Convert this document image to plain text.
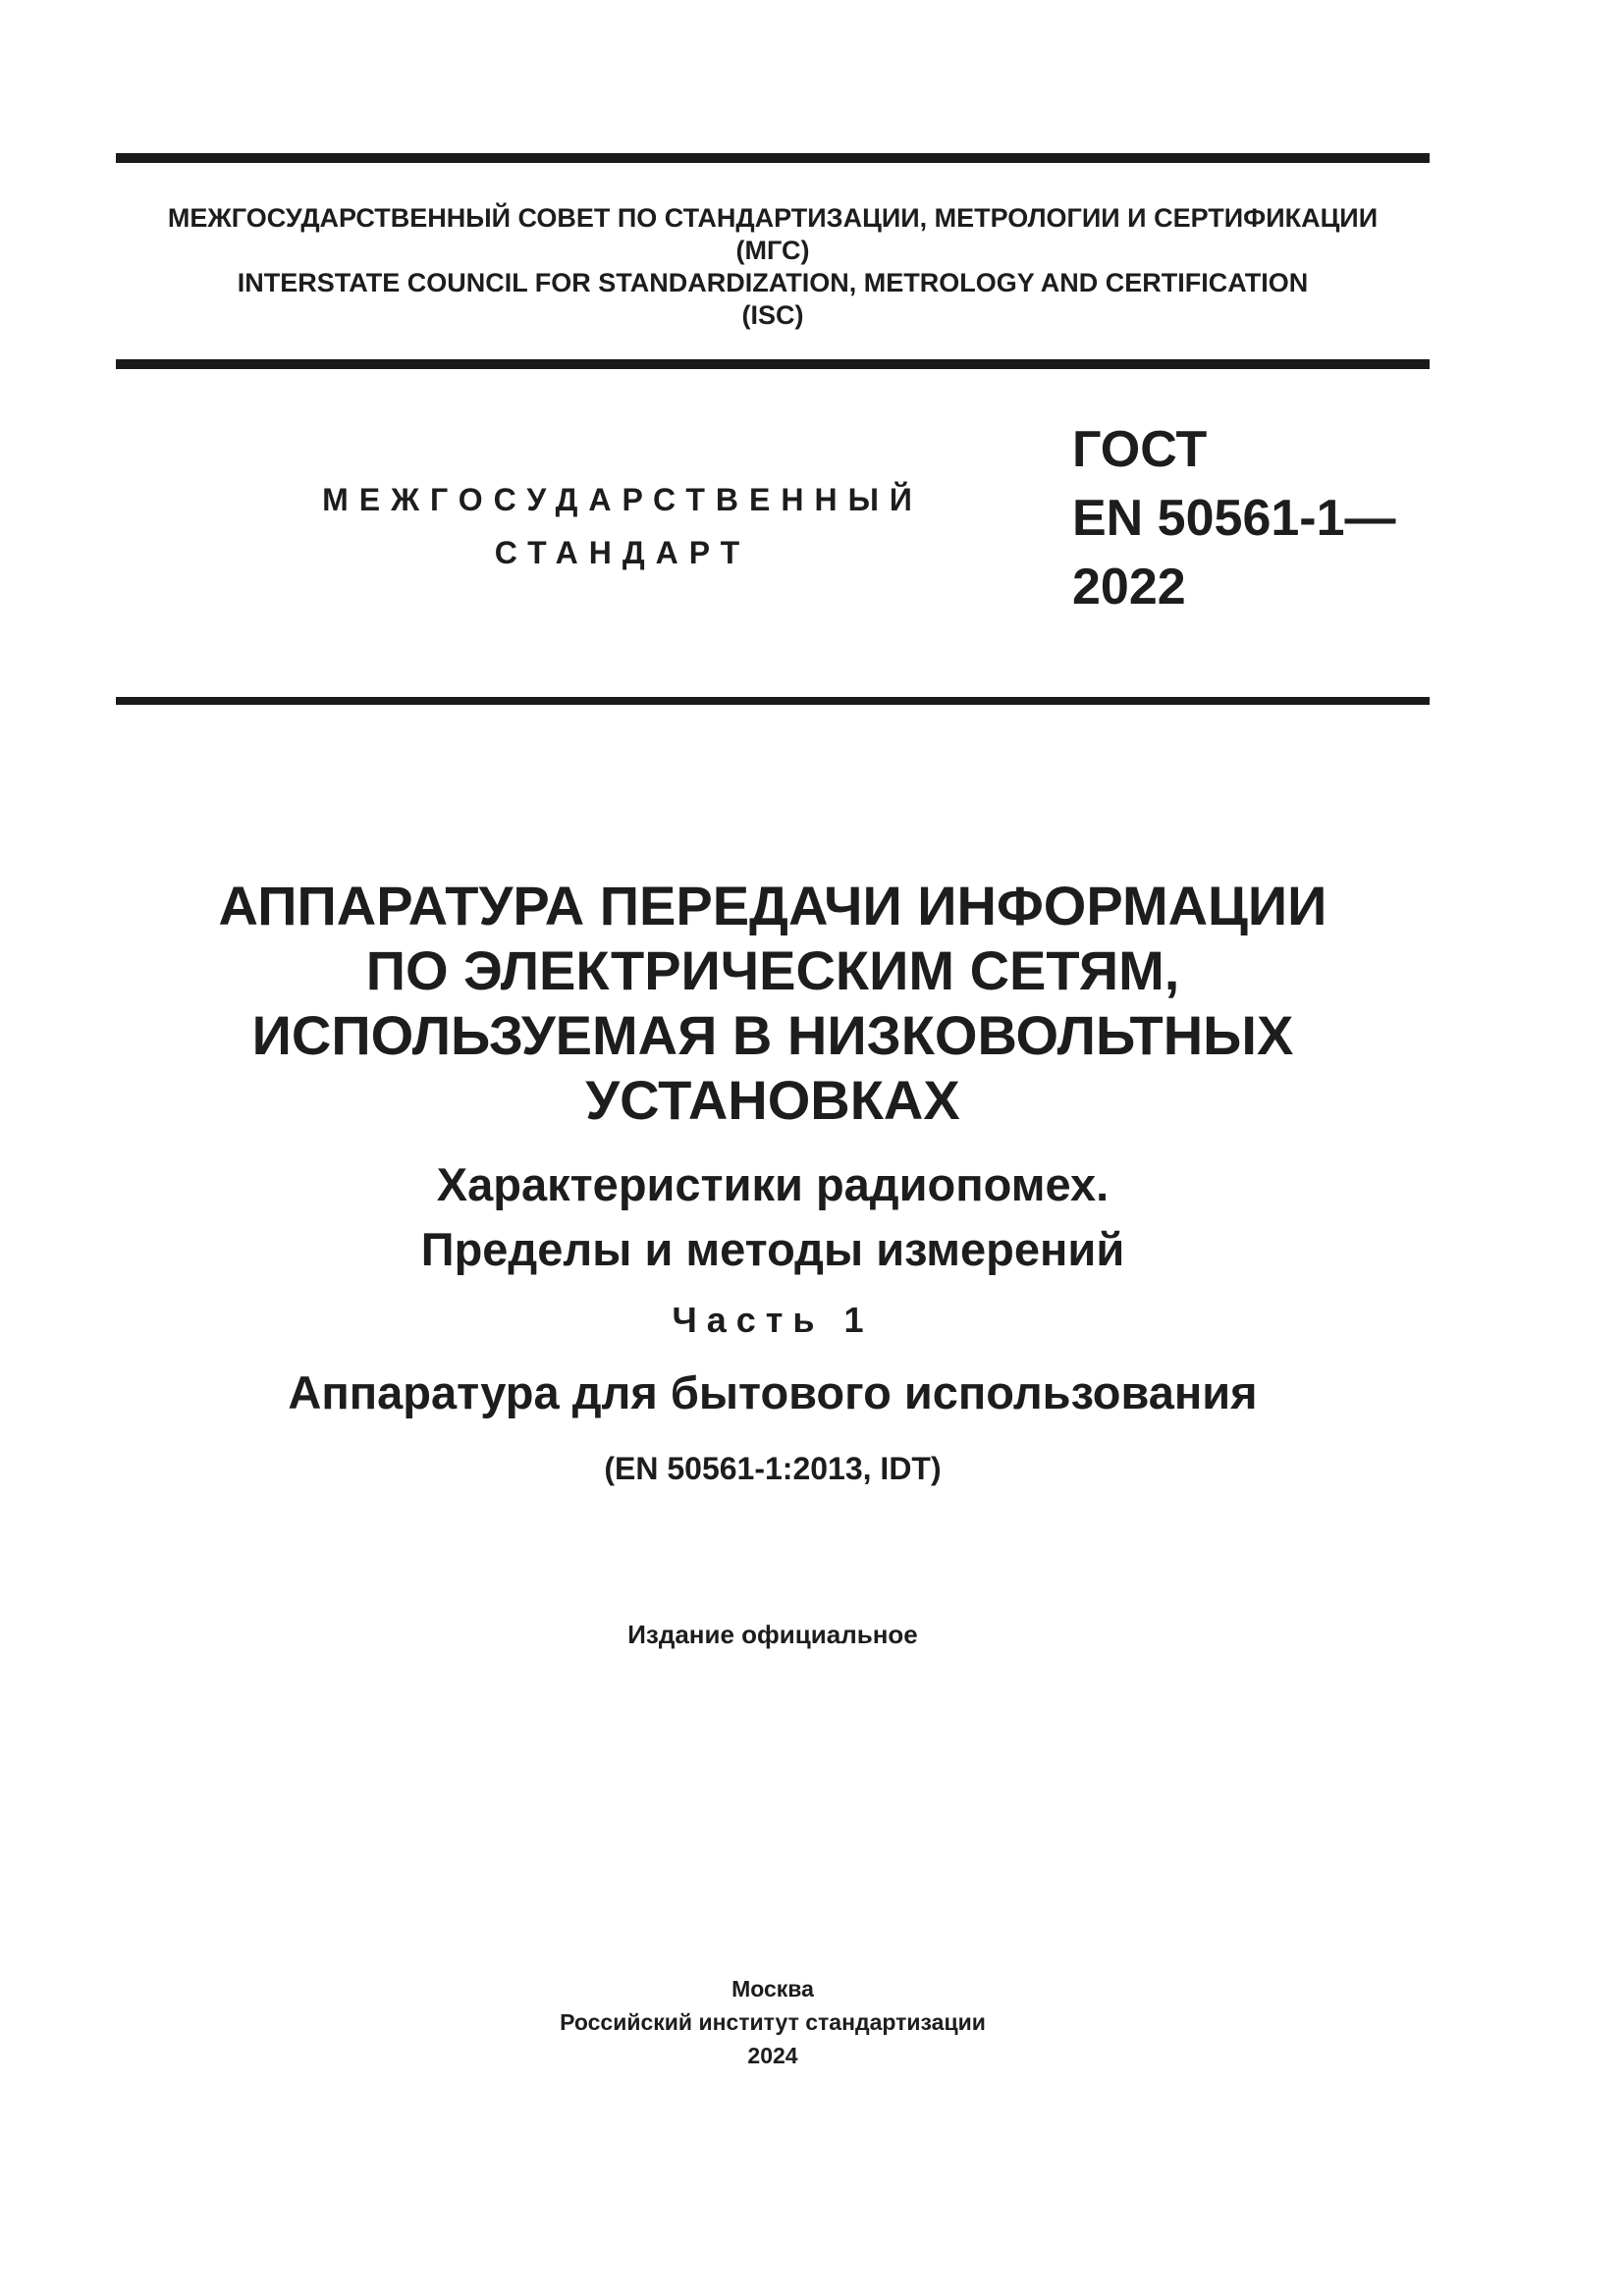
МЕЖГОСУДАРСТВЕННЫЙ СОВЕТ ПО СТАНДАРТИЗАЦИИ, МЕТРОЛОГИИ И СЕРТИФИКАЦИИ
(МГС)
INTERSTATE COUNCIL FOR STANDARDIZATION, METROLOGY AND CERTIFICATION
(ISC)
МЕЖГОСУДАРСТВЕННЫЙ
СТАНДАРТ
ГОСТ
EN 50561-1—
2022
АППАРАТУРА ПЕРЕДАЧИ ИНФОРМАЦИИ
ПО ЭЛЕКТРИЧЕСКИМ СЕТЯМ,
ИСПОЛЬЗУЕМАЯ В НИЗКОВОЛЬТНЫХ
УСТАНОВКАХ
Характеристики радиопомех.
Пределы и методы измерений
Часть 1
Аппаратура для бытового использования
(EN 50561-1:2013, IDT)
Издание официальное
Москва
Российский институт стандартизации
2024
